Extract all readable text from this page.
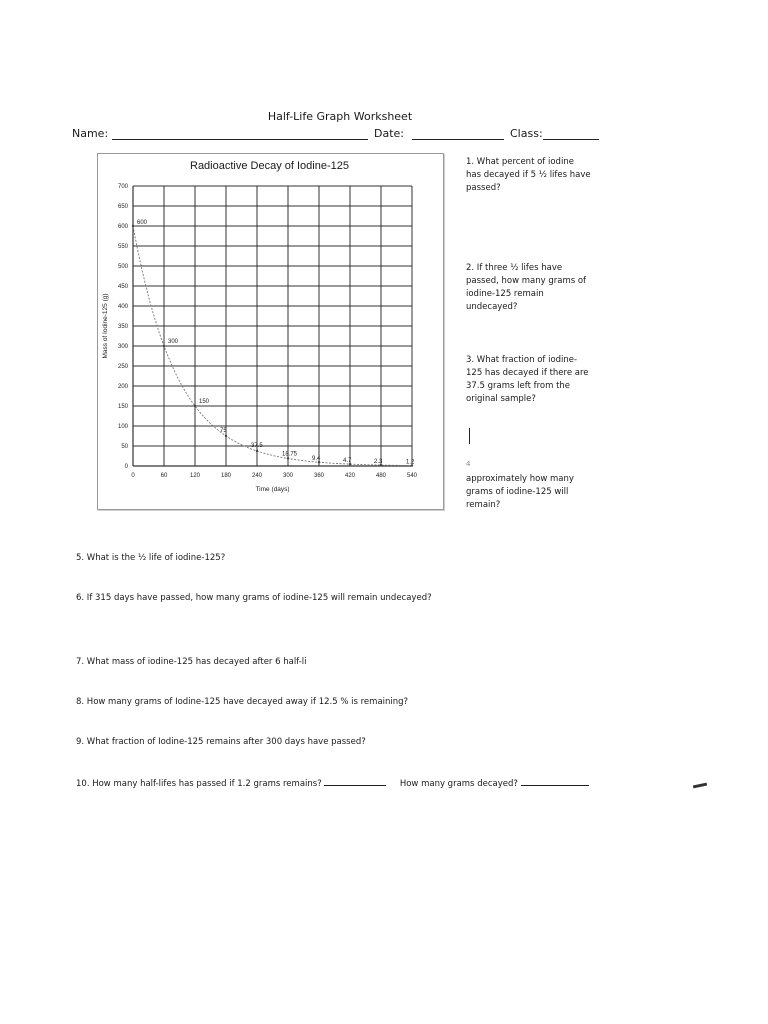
Half-Life Graph Worksheet
Name:	Date:	Class:
Radioactive Decay of Iodine-125
0	60	120	180	240	300	360	420	480	540
0
50
100
150
200
250
300
350
400
450
500
550
600
650
700
Time (days)
Mass of Iodine-125 (g)
600
300
150
75
37.5
18.75
9.4	4.7	2.3	1.2
1. What percent of iodine has decayed if 5 ½ lifes have passed?
2. If three ½ lifes have passed, how many grams of iodine-125 remain undecayed?
3. What fraction of iodine-125 has decayed if there are 37.5 grams left from the original sample?
4
approximately how many grams of iodine-125 will remain?
5. What is the ½ life of iodine-125?
6. If 315 days have passed, how many grams of iodine-125 will remain undecayed?
7. What mass of iodine-125 has decayed after 6 half-li
8. How many grams of Iodine-125 have decayed away if 12.5 % is remaining?
9. What fraction of Iodine-125 remains after 300 days have passed?
10. How many half-lifes has passed if 1.2 grams remains?	How many grams decayed?
